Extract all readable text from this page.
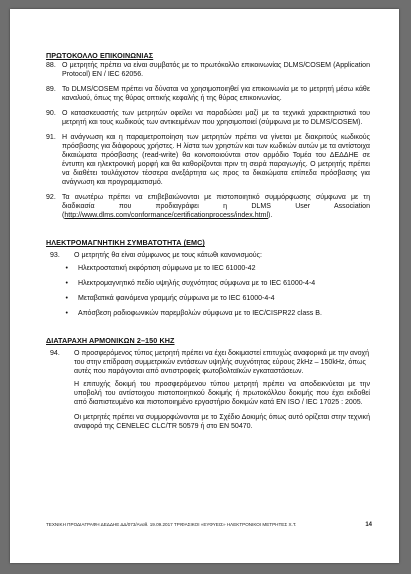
ΠΡΩΤΟΚΟΛΛΟ ΕΠΙΚΟΙΝΩΝΙΑΣ
88. Ο μετρητής πρέπει να είναι συμβατός με το πρωτόκολλο επικοινωνίας DLMS/COSEM (Application Protocol) EN / IEC 62056.
89. Το DLMS/COSEM πρέπει να δύναται να χρησιμοποιηθεί για επικοινωνία με το μετρητή μέσω κάθε καναλιού, όπως της θύρας οπτικής κεφαλής ή της θύρας επικοινωνίας.
90. Ο κατασκευαστής των μετρητών οφείλει να παραδώσει μαζί με τα τεχνικά χαρακτηριστικά του μετρητή και τους κωδικούς των αντικειμένων που χρησιμοποιεί (σύμφωνα με το DLMS/COSEM).
91. Η ανάγνωση και η παραμετροποίηση των μετρητών πρέπει να γίνεται με διακριτούς κωδικούς πρόσβασης για διάφορους χρήστες. Η λίστα των χρηστών και των κωδικών αυτών με τα αντίστοιχα δικαιώματα πρόσβασης (read-write) θα κοινοποιούνται στον αρμόδιο Τομέα του ΔΕΔΔΗΕ σε έντυπη και ηλεκτρονική μορφή και θα καθορίζονται πριν τη σειρά παραγωγής. Ο μετρητής πρέπει να διαθέτει τουλάχιστον τέσσερα ανεξάρτητα ως προς τα δικαιώματα επίπεδα πρόσβασης για ανάγνωση και προγραμματισμό.
92. Τα ανωτέρω πρέπει να επιβεβαιώνονται με πιστοποιητικό συμμόρφωσης σύμφωνα με τη διαδικασία που προδιαγράφει η DLMS User Association (http://www.dlms.com/conformance/certificationprocess/index.html).
ΗΛΕΚΤΡΟΜΑΓΝΗΤΙΚΗ ΣΥΜΒΑΤΟΤΗΤΑ (EMC)
93.	Ο μετρητής θα είναι σύμφωνος με τους κάτωθι κανονισμούς:
•	Ηλεκτροστατική εκφόρτιση σύμφωνα με το IEC 61000-42
•	Ηλεκτρομαγνητικό πεδίο υψηλής συχνότητας σύμφωνα με το IEC 61000-4-4
•	Μεταβατικά φαινόμενα γραμμής σύμφωνα με το IEC 61000-4-4
•	Απόσβεση ραδιοφωνικών παρεμβολών σύμφωνα με το IEC/CISPR22 class B.
ΔΙΑΤΑΡΑΧΗ ΑΡΜΟΝΙΚΩΝ 2–150 KHZ
94.	Ο προσφερόμενος τύπος μετρητή πρέπει να έχει δοκιμαστεί επιτυχώς αναφορικά με την ανοχή του στην επίδραση συμμετρικών εντάσεων υψηλής συχνότητας εύρους 2kHz – 150kHz, όπως αυτές που παράγονται από αντιστροφείς φωτοβολταϊκών εγκαταστάσεων.

Η επιτυχής δοκιμή του προσφερόμενου τύπου μετρητή πρέπει να αποδεικνύεται με την υποβολή του αντίστοιχου πιστοποιητικού δοκιμής ή πρωτοκόλλου δοκιμής που έχει εκδοθεί από διαπιστευμένο και πιστοποιημένο εργαστήριο δοκιμών κατά ΕΝ ISO / IEC 17025 : 2005.

Οι μετρητές πρέπει να συμμορφώνονται με το Σχέδιο Δοκιμής όπως αυτό ορίζεται στην τεχνική αναφορά της CENELEC CLC/TR 50579 ή στο EN 50470.

ΤΕΧΝΙΚΗ ΠΡΟΔΙΑΓΡΑΦΗ ΔΕΔΔΗΕ ΔΔ/073/Αναθ. 19.09.2017 ΤΡΙΦΑΣΙΚΟΙ «ΕΥΦΥΕΙΣ» ΗΛΕΚΤΡΟΝΙΚΟΙ ΜΕΤΡΗΤΕΣ Χ.Τ.	14
